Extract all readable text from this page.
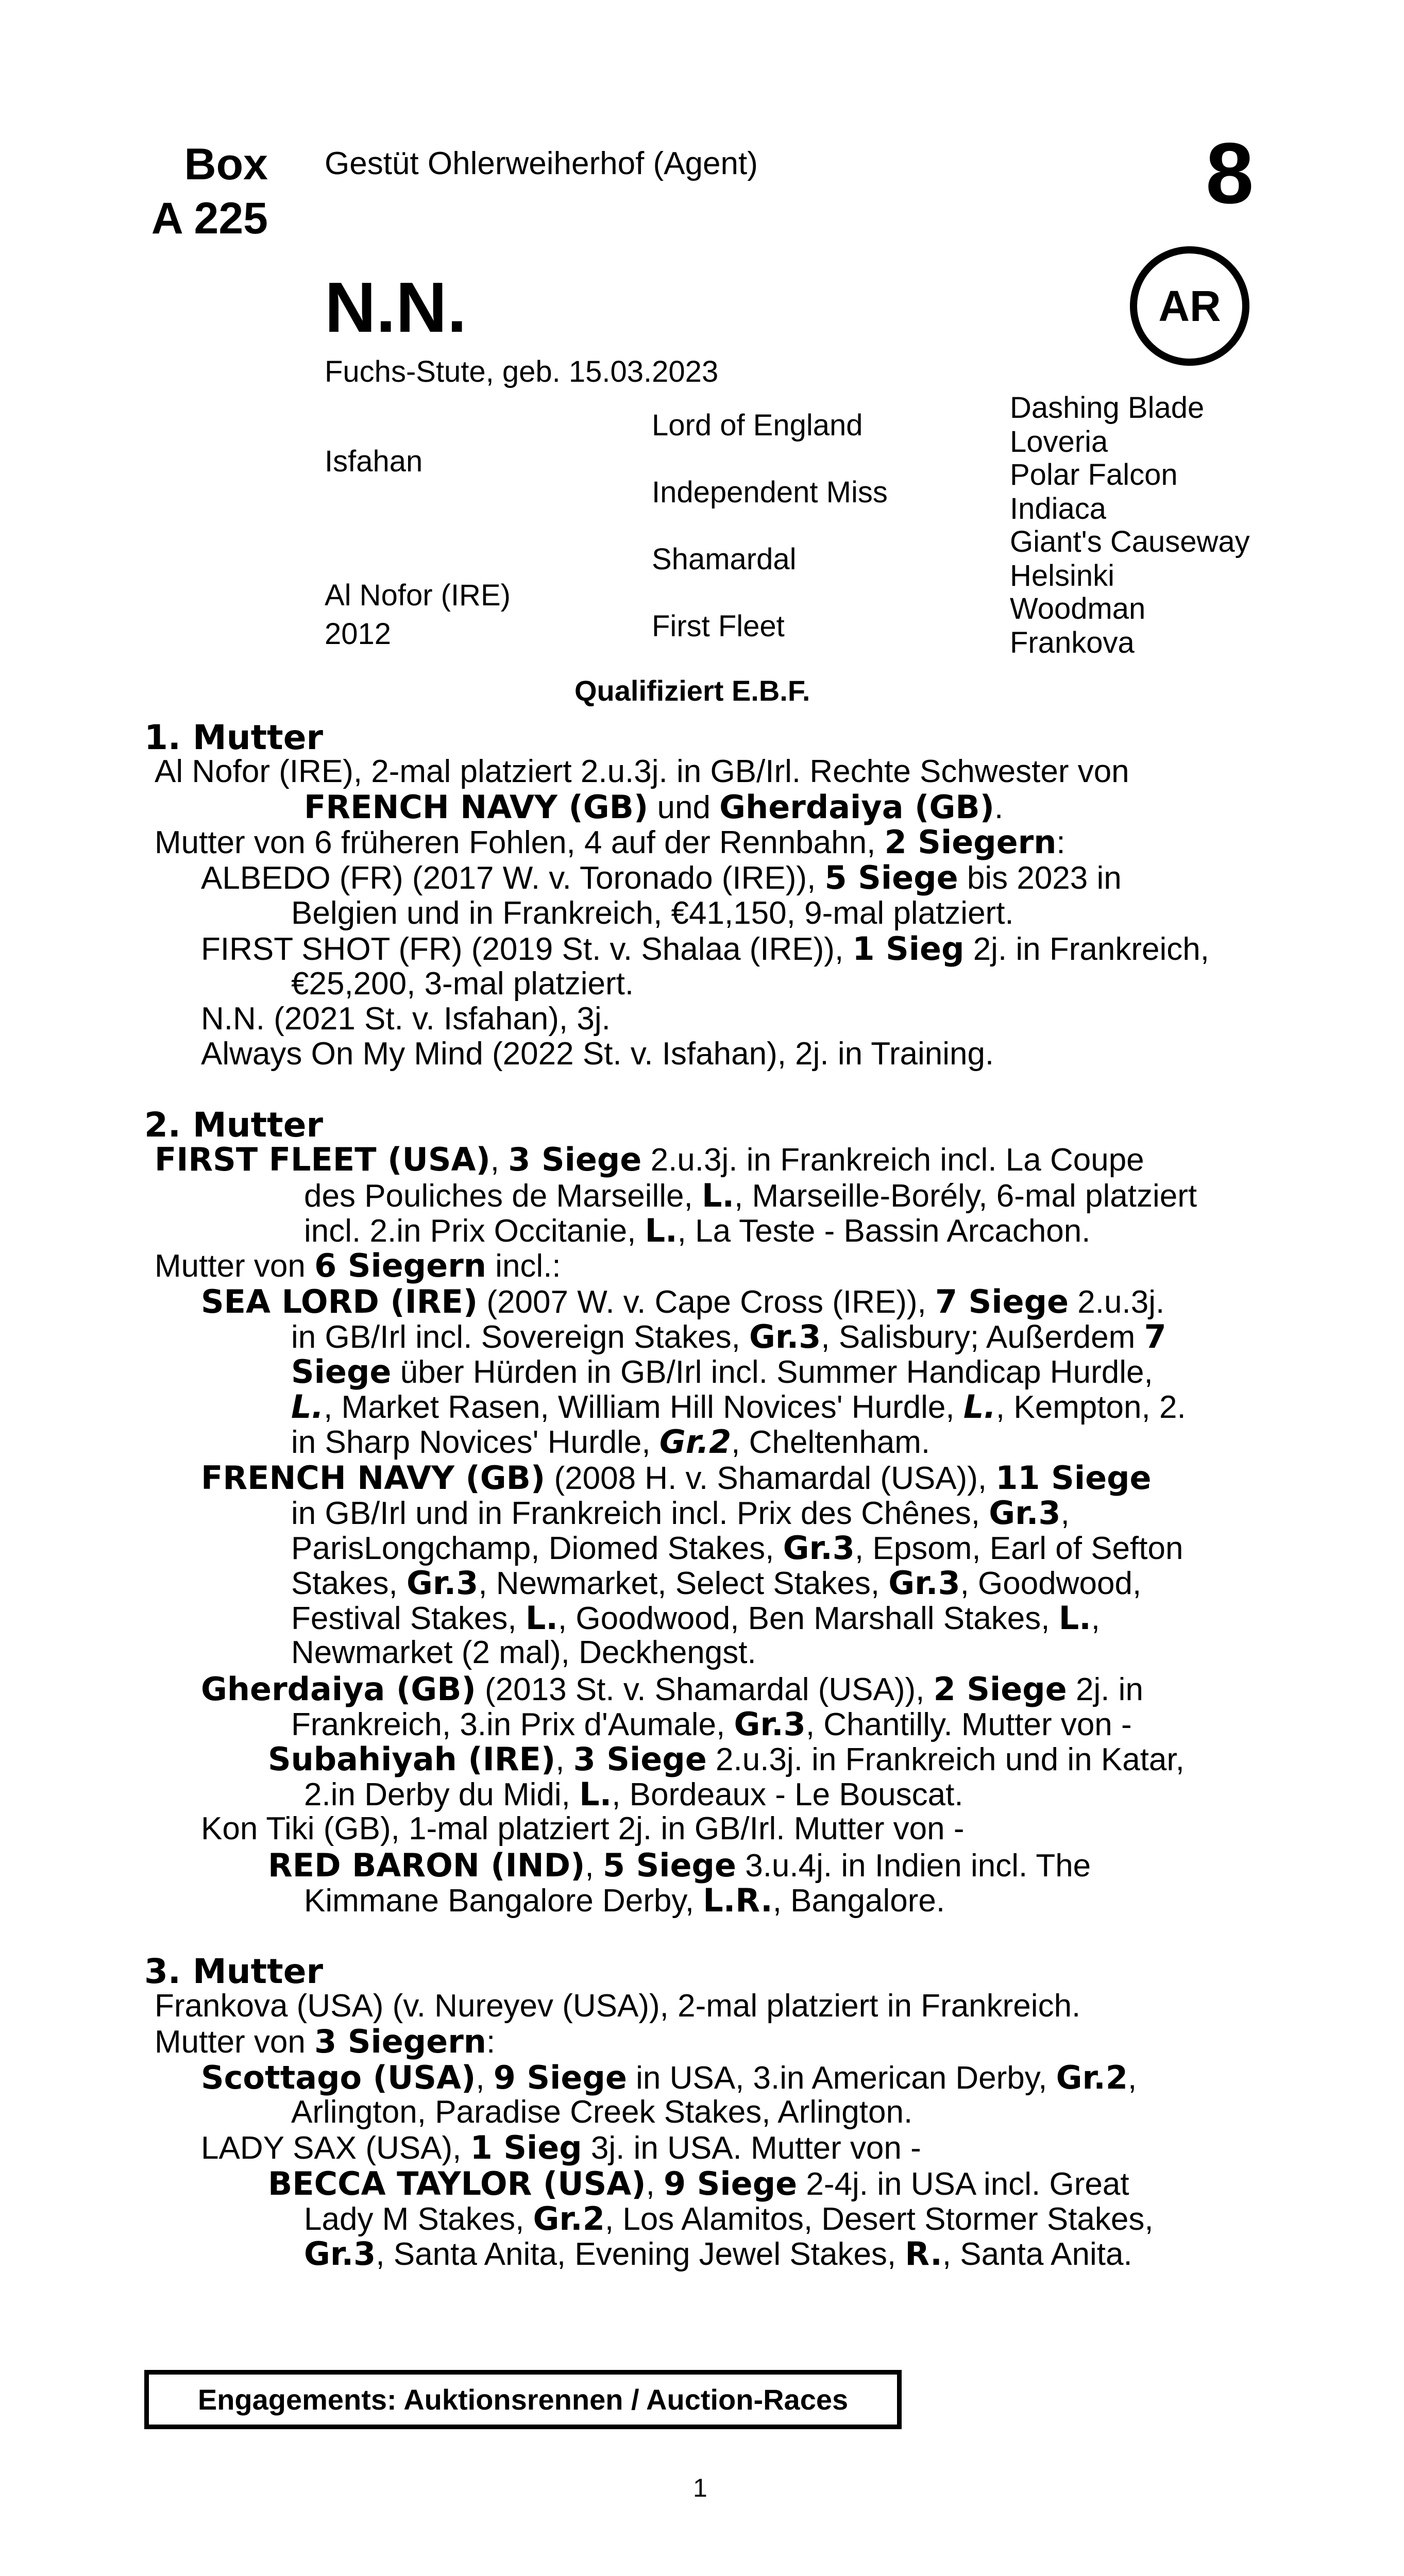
Box
A 225
Gestüt Ohlerweiherhof (Agent)	8
AR
N.N.
Fuchs-Stute, geb. 15.03.2023
Isfahan
Al Nofor (IRE)
2012
Lord of England
Independent Miss
Shamardal
First Fleet
Dashing Blade
Loveria
Polar Falcon
Indiaca
Giant's Causeway
Helsinki
Woodman
Frankova
Qualifiziert E.B.F.
1. Mutter
Al Nofor (IRE), 2-mal platziert 2.u.3j. in GB/Irl. Rechte Schwester von
FRENCH NAVY (GB) und Gherdaiya (GB).
Mutter von 6 früheren Fohlen, 4 auf der Rennbahn, 2 Siegern:
ALBEDO (FR) (2017 W. v. Toronado (IRE)), 5 Siege bis 2023 in
Belgien und in Frankreich, €41,150, 9-mal platziert.
FIRST SHOT (FR) (2019 St. v. Shalaa (IRE)), 1 Sieg 2j. in Frankreich,
€25,200, 3-mal platziert.
N.N. (2021 St. v. Isfahan), 3j.
Always On My Mind (2022 St. v. Isfahan), 2j. in Training.
2. Mutter
FIRST FLEET (USA), 3 Siege 2.u.3j. in Frankreich incl. La Coupe
des Pouliches de Marseille, L., Marseille-Borély, 6-mal platziert
incl. 2.in Prix Occitanie, L., La Teste - Bassin Arcachon.
Mutter von 6 Siegern incl.:
SEA LORD (IRE) (2007 W. v. Cape Cross (IRE)), 7 Siege 2.u.3j.
in GB/Irl incl. Sovereign Stakes, Gr.3, Salisbury; Außerdem 7
Siege über Hürden in GB/Irl incl. Summer Handicap Hurdle,
L., Market Rasen, William Hill Novices' Hurdle, L., Kempton, 2.
in Sharp Novices' Hurdle, Gr.2, Cheltenham.
FRENCH NAVY (GB) (2008 H. v. Shamardal (USA)), 11 Siege
in GB/Irl und in Frankreich incl. Prix des Chênes, Gr.3,
ParisLongchamp, Diomed Stakes, Gr.3, Epsom, Earl of Sefton
Stakes, Gr.3, Newmarket, Select Stakes, Gr.3, Goodwood,
Festival Stakes, L., Goodwood, Ben Marshall Stakes, L.,
Newmarket (2 mal), Deckhengst.
Gherdaiya (GB) (2013 St. v. Shamardal (USA)), 2 Siege 2j. in
Frankreich, 3.in Prix d'Aumale, Gr.3, Chantilly. Mutter von -
Subahiyah (IRE), 3 Siege 2.u.3j. in Frankreich und in Katar,
2.in Derby du Midi, L., Bordeaux - Le Bouscat.
Kon Tiki (GB), 1-mal platziert 2j. in GB/Irl. Mutter von -
RED BARON (IND), 5 Siege 3.u.4j. in Indien incl. The
Kimmane Bangalore Derby, L.R., Bangalore.
3. Mutter
Frankova (USA) (v. Nureyev (USA)), 2-mal platziert in Frankreich.
Mutter von 3 Siegern:
Scottago (USA), 9 Siege in USA, 3.in American Derby, Gr.2,
Arlington, Paradise Creek Stakes, Arlington.
LADY SAX (USA), 1 Sieg 3j. in USA. Mutter von -
BECCA TAYLOR (USA), 9 Siege 2-4j. in USA incl. Great
Lady M Stakes, Gr.2, Los Alamitos, Desert Stormer Stakes,
Gr.3, Santa Anita, Evening Jewel Stakes, R., Santa Anita.
Engagements: Auktionsrennen / Auction-Races
1
